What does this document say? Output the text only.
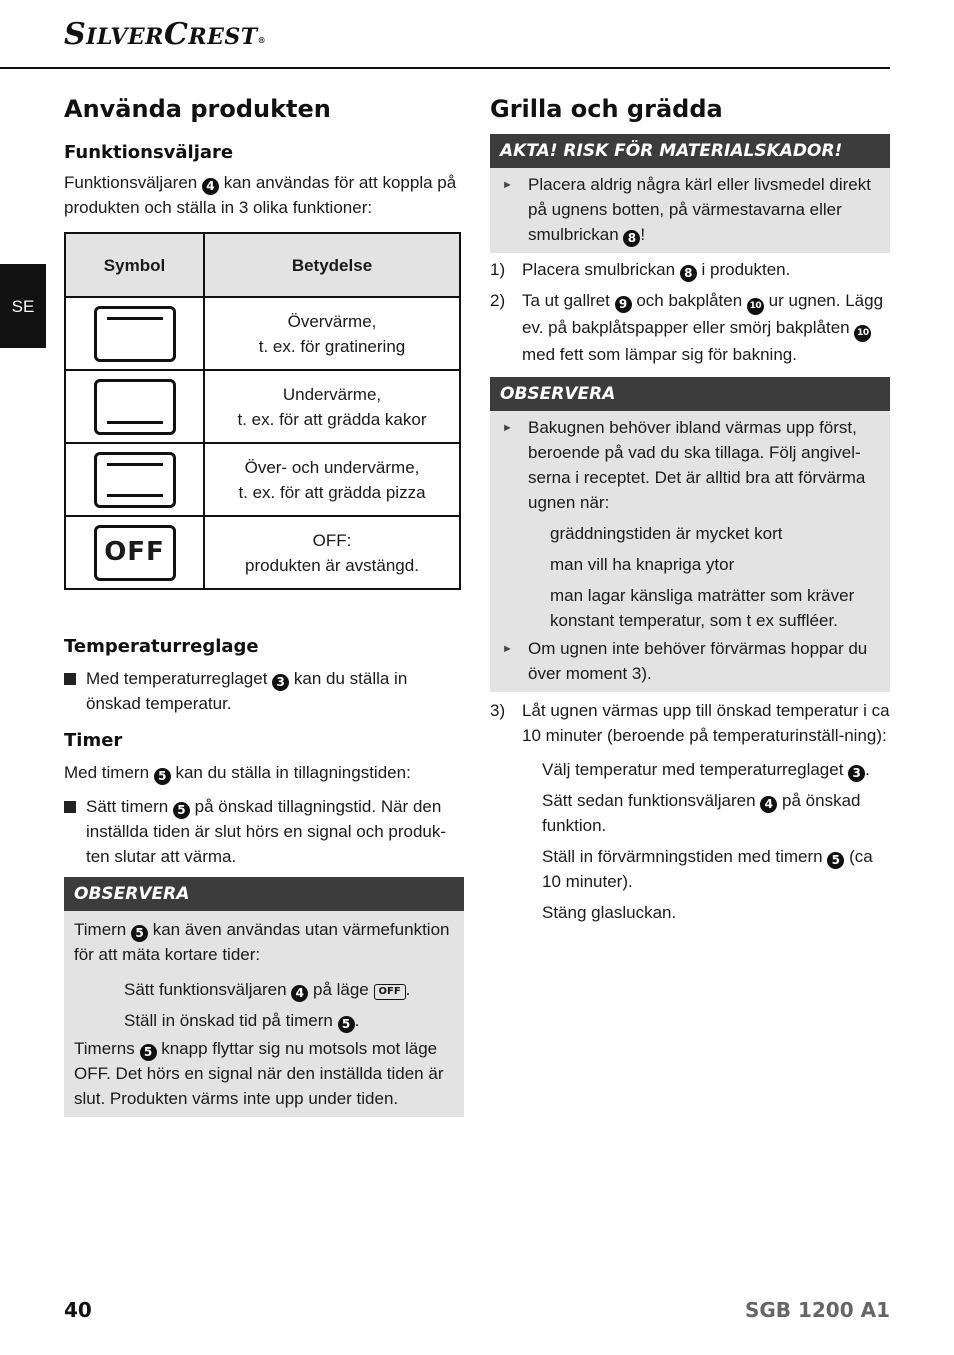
SILVERCREST®
SE
Använda produkten
Funktionsväljare

Funktionsväljaren 4 kan användas för att koppla på produkten och ställa in 3 olika funktioner:

Symbol	Betydelse

	Övervärme,
t. ex. för gratinering

	Undervärme,
t. ex. för att grädda kakor

	Över- och undervärme,
t. ex. för att grädda pizza

OFF	OFF:
produkten är avstängd.
Temperaturreglage

Med temperaturreglaget 3 kan du ställa in önskad temperatur.

Timer

Med timern 5 kan du ställa in tillagningstiden:

Sätt timern 5 på önskad tillagningstid. När den inställda tiden är slut hörs en signal och produk-ten slutar att värma.

OBSERVERA

Timern 5 kan även användas utan värmefunktion för att mäta kortare tider:

Sätt funktionsväljaren 4 på läge OFF .

Ställ in önskad tid på timern 5 .

Timerns 5 knapp flyttar sig nu motsols mot läge OFF. Det hörs en signal när den inställda tiden är slut. Produkten värms inte upp under tiden.

Grilla och grädda
AKTA! RISK FÖR MATERIALSKADOR!
► Placera aldrig några kärl eller livsmedel direkt på ugnens botten, på värmestavarna eller smulbrickan 8 !

1) Placera smulbrickan 8 i produkten.

2) Ta ut gallret 9 och bakplåten 10 ur ugnen. Lägg ev. på bakplåtspapper eller smörj bakplåten 10 med fett som lämpar sig för bakning.

OBSERVERA
► Bakugnen behöver ibland värmas upp först, beroende på vad du ska tillaga. Följ angivel-serna i receptet. Det är alltid bra att förvärma ugnen när:

gräddningstiden är mycket kort

man vill ha knapriga ytor

man lagar känsliga maträtter som kräver konstant temperatur, som t ex suffléer.

► Om ugnen inte behöver förvärmas hoppar du över moment 3).

3) Låt ugnen värmas upp till önskad temperatur i ca 10 minuter (beroende på temperaturinställ-ning):

Välj temperatur med temperaturreglaget 3 .

Sätt sedan funktionsväljaren 4 på önskad funktion.

Ställ in förvärmningstiden med timern 5 (ca 10 minuter).

Stäng glasluckan.

40	SGB 1200 A1
